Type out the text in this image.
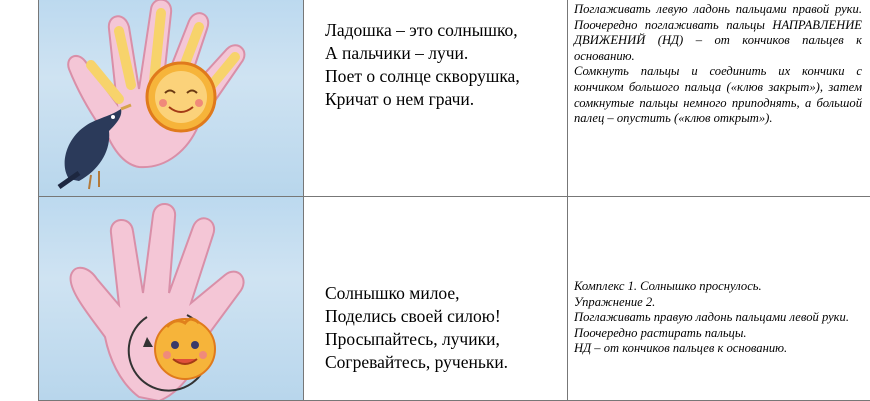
Ладошка – это солнышко,
А пальчики – лучи.
Поет о солнце скворушка,
Кричат о нем грачи.

Поглаживать левую ладонь пальцами правой руки. Поочередно поглаживать пальцы НАПРАВЛЕНИЕ ДВИЖЕНИЙ (НД) – от кончиков пальцев к основанию.

Сомкнуть пальцы и соединить их кончики с кончиком большого пальца («клюв закрыт»), затем сомкнутые пальцы немного приподнять, а большой палец – опустить («клюв открыт»).

Солнышко милое,
Поделись своей силою!
Просыпайтесь, лучики,
Согревайтесь, рученьки.

Комплекс 1. Солнышко проснулось.

Упражнение 2.

Поглаживать правую ладонь пальцами левой руки.

Поочередно растирать пальцы.

НД – от кончиков пальцев к основанию.
